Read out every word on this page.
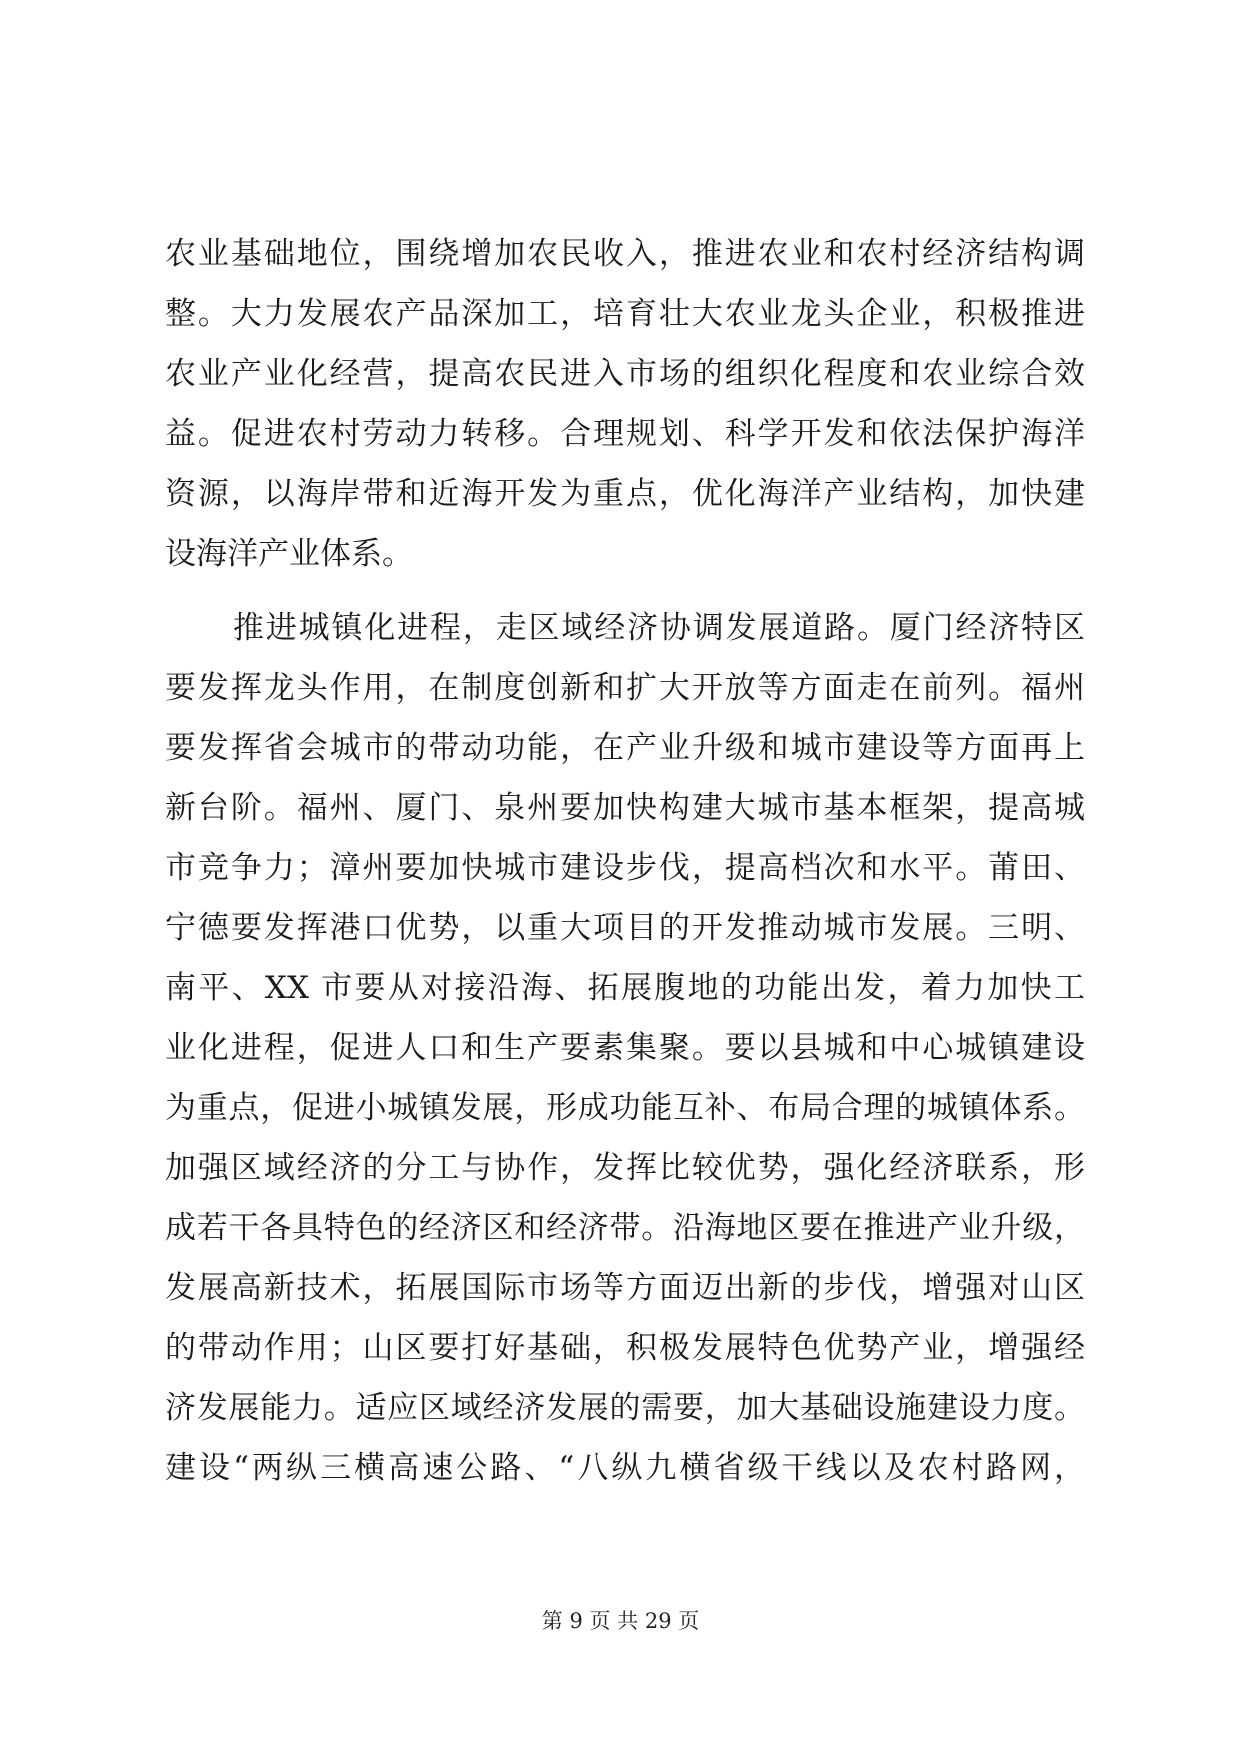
农业基础地位，围绕增加农民收入，推进农业和农村经济结构调
整。大力发展农产品深加工，培育壮大农业龙头企业，积极推进
农业产业化经营，提高农民进入市场的组织化程度和农业综合效
益。促进农村劳动力转移。合理规划、科学开发和依法保护海洋
资源，以海岸带和近海开发为重点，优化海洋产业结构，加快建
设海洋产业体系。
推进城镇化进程，走区域经济协调发展道路。厦门经济特区
要发挥龙头作用，在制度创新和扩大开放等方面走在前列。福州
要发挥省会城市的带动功能，在产业升级和城市建设等方面再上
新台阶。福州、厦门、泉州要加快构建大城市基本框架，提高城
市竞争力；漳州要加快城市建设步伐，提高档次和水平。莆田、
宁德要发挥港口优势，以重大项目的开发推动城市发展。三明、
南平、XX 市要从对接沿海、拓展腹地的功能出发，着力加快工
业化进程，促进人口和生产要素集聚。要以县城和中心城镇建设
为重点，促进小城镇发展，形成功能互补、布局合理的城镇体系。
加强区域经济的分工与协作，发挥比较优势，强化经济联系，形
成若干各具特色的经济区和经济带。沿海地区要在推进产业升级，
发展高新技术，拓展国际市场等方面迈出新的步伐，增强对山区
的带动作用；山区要打好基础，积极发展特色优势产业，增强经
济发展能力。适应区域经济发展的需要，加大基础设施建设力度。
建设“两纵三横高速公路、“八纵九横省级干线以及农村路网，
第 9 页 共 29 页
